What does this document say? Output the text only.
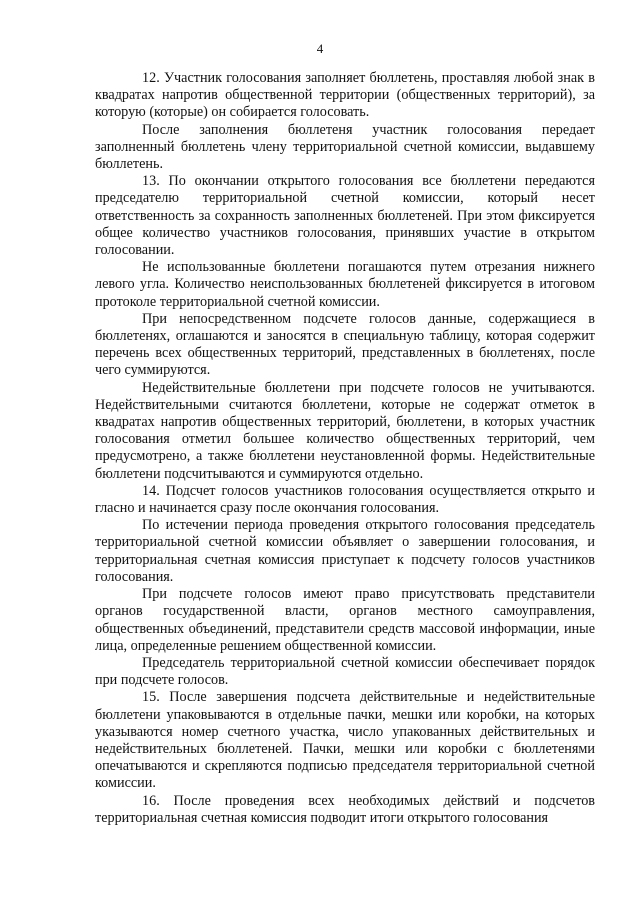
4

12. Участник голосования заполняет бюллетень, проставляя любой знак в квадратах напротив общественной территории (общественных территорий), за которую (которые) он собирается голосовать.

После заполнения бюллетеня участник голосования передает заполненный бюллетень члену территориальной счетной комиссии, выдавшему бюллетень.

13. По окончании открытого голосования все бюллетени передаются председателю территориальной счетной комиссии, который несет ответственность за сохранность заполненных бюллетеней. При этом фиксируется общее количество участников голосования, принявших участие в открытом голосовании.

Не использованные бюллетени погашаются путем отрезания нижнего левого угла. Количество неиспользованных бюллетеней фиксируется в итоговом протоколе территориальной счетной комиссии.

При непосредственном подсчете голосов данные, содержащиеся в бюллетенях, оглашаются и заносятся в специальную таблицу, которая содержит перечень всех общественных территорий, представленных в бюллетенях, после чего суммируются.

Недействительные бюллетени при подсчете голосов не учитываются. Недействительными считаются бюллетени, которые не содержат отметок в квадратах напротив общественных территорий, бюллетени, в которых участник голосования отметил большее количество общественных территорий, чем предусмотрено, а также бюллетени неустановленной формы. Недействительные бюллетени подсчитываются и суммируются отдельно.

14. Подсчет голосов участников голосования осуществляется открыто и гласно и начинается сразу после окончания голосования.

По истечении периода проведения открытого голосования председатель территориальной счетной комиссии объявляет о завершении голосования, и территориальная счетная комиссия приступает к подсчету голосов участников голосования.

При подсчете голосов имеют право присутствовать представители органов государственной власти, органов местного самоуправления, общественных объединений, представители средств массовой информации, иные лица, определенные решением общественной комиссии.

Председатель территориальной счетной комиссии обеспечивает порядок при подсчете голосов.

15. После завершения подсчета действительные и недействительные бюллетени упаковываются в отдельные пачки, мешки или коробки, на которых указываются номер счетного участка, число упакованных действительных и недействительных бюллетеней. Пачки, мешки или коробки с бюллетенями опечатываются и скрепляются подписью председателя территориальной счетной комиссии.

16. После проведения всех необходимых действий и подсчетов территориальная счетная комиссия подводит итоги открытого голосования
